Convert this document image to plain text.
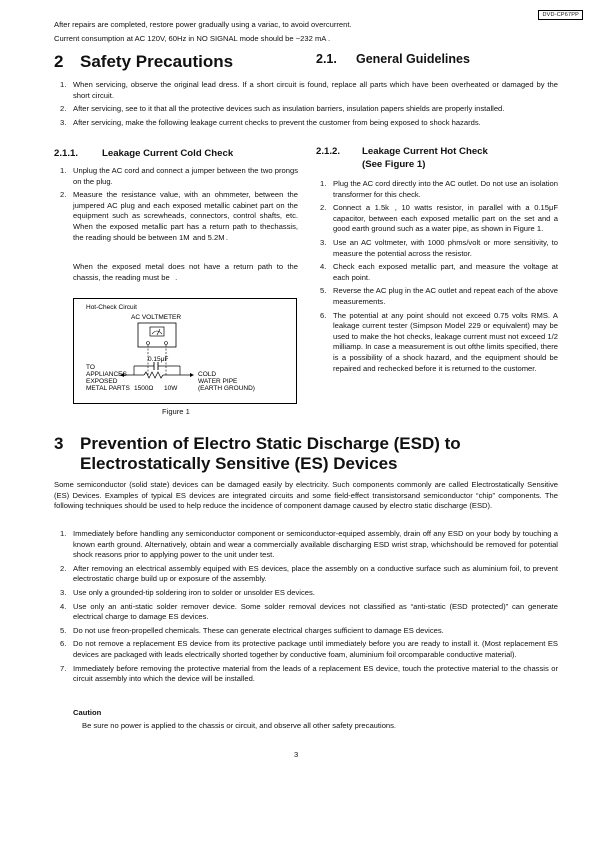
DVD-CP67PP
After repairs are completed, restore power gradually using a variac, to avoid overcurrent.
Current consumption at AC 120V, 60Hz in NO SIGNAL mode should be ~232 mA .
2 Safety Precautions	2.1. General Guidelines
1. When servicing, observe the original lead dress. If a short circuit is found, replace all parts which have been overheated or damaged by the short circuit.
2. After servicing, see to it that all the protective devices such as insulation barriers, insulation papers shields are properly installed.
3. After servicing, make the following leakage current checks to prevent the customer from being exposed to shock hazards.
2.1.1. Leakage Current Cold Check
1. Unplug the AC cord and connect a jumper between the two prongs on the plug.
2. Measure the resistance value, with an ohmmeter, between the jumpered AC plug and each exposed metallic cabinet part on the equipment such as screwheads, connectors, control shafts, etc. When the exposed metallic part has a return path to thechassis, the reading should be between 1M  and 5.2M .
When the exposed metal does not have a return path to the chassis, the reading must be   .
Hot-Check Circuit
AC VOLTMETER
0.15μF
TO
APPLIANCES
EXPOSED
METAL PARTS 1500Ω 10W
COLD
WATER PIPE
(EARTH GROUND)
Figure 1
2.1.2. Leakage Current Hot Check
(See Figure 1)
1. Plug the AC cord directly into the AC outlet. Do not use an isolation transformer for this check.
2. Connect a 1.5k  , 10 watts resistor, in parallel with a 0.15μF capacitor, between each exposed metallic part on the set and a good earth ground such as a water pipe, as shown in Figure 1.
3. Use an AC voltmeter, with 1000 phms/volt or more sensitivity, to measure the potential across the resistor.
4. Check each exposed metallic part, and measure the voltage at each point.
5. Reverse the AC plug in the AC outlet and repeat each of the above measurements.
6. The potential at any point should not exceed 0.75 volts RMS. A leakage current tester (Simpson Model 229 or equivalent) may be used to make the hot checks, leakage current must not exceed 1/2 milliamp. In case a measurement is out ofthe limits specified, there is a possibility of a shock hazard, and the equipment should be repaired and rechecked before it is returned to the customer.
3 Prevention of Electro Static Discharge (ESD) to
Electrostatically Sensitive (ES) Devices
Some semiconductor (solid state) devices can be damaged easily by electricity. Such components commonly are called Electrostatically Sensitive (ES) Devices. Examples of typical ES devices are integrated circuits and some field-effect transistorsand semiconductor “chip” components. The following techniques should be used to help reduce the incidence of component damage caused by electro static discharge (ESD).
1. Immediately before handling any semiconductor component or semiconductor-equiped assembly, drain off any ESD on your body by touching a known earth ground. Alternatively, obtain and wear a commercially available discharging ESD wrist strap, whichshould be removed for potential shock reasons prior to applying power to the unit under test.
2. After removing an electrical assembly equiped with ES devices, place the assembly on a conductive surface such as aluminium foil, to prevent electrostatic charge build up or exposure of the assembly.
3. Use only a grounded-tip soldering iron to solder or unsolder ES devices.
4. Use only an anti-static solder remover device. Some solder removal devices not classified as “anti-static (ESD protected)” can generate electrical charge to damage ES devices.
5. Do not use freon-propelled chemicals. These can generate electrical charges sufficient to damage ES devices.
6. Do not remove a replacement ES device from its protective package until immediately before you are ready to install it. (Most replacement ES devices are packaged with leads electrically shorted together by conductive foam, aluminium foil orcomparable conductive material).
7. Immediately before removing the protective material from the leads of a replacement ES device, touch the protective material to the chassis or circuit assembly into which the device will be installed.
Caution
Be sure no power is applied to the chassis or circuit, and observe all other safety precautions.
3
